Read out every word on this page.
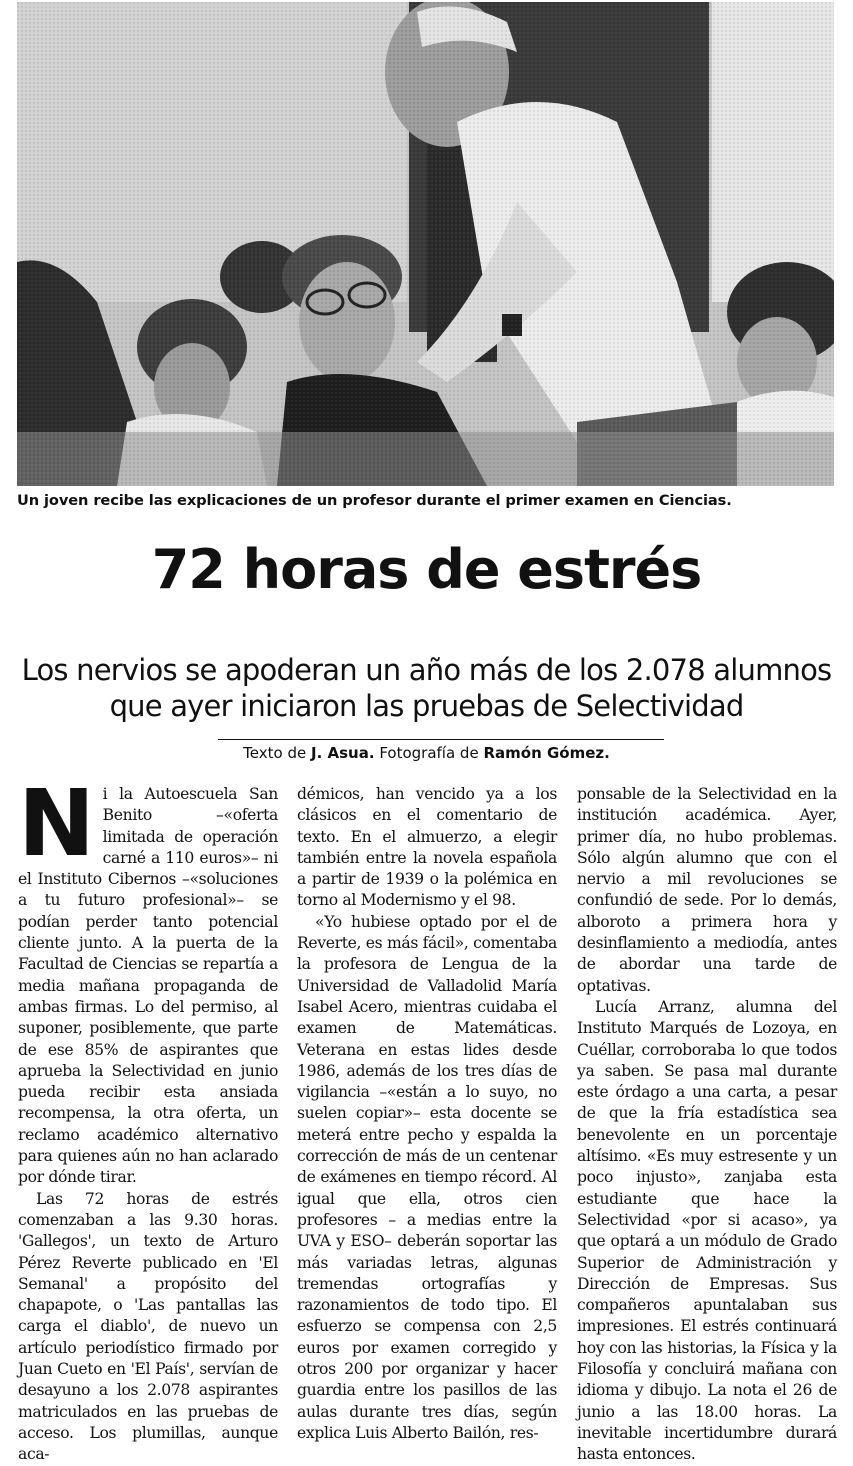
Un joven recibe las explicaciones de un profesor durante el primer examen en Ciencias.
72 horas de estrés
Los nervios se apoderan un año más de los 2.078 alumnos
que ayer iniciaron las pruebas de Selectividad
Texto de J. Asua. Fotografía de Ramón Gómez.

Ni la Autoescuela San Benito –«oferta limitada de operación carné a 110 euros»– ni el Instituto Cibernos –«soluciones a tu futuro profesional»– se podían perder tanto potencial cliente junto. A la puerta de la Facultad de Ciencias se repartía a media mañana propaganda de ambas firmas. Lo del permiso, al suponer, posiblemente, que parte de ese 85% de aspirantes que aprueba la Selectividad en junio pueda recibir esta ansiada recompensa, la otra oferta, un reclamo académico alternativo para quienes aún no han aclarado por dónde tirar.

Las 72 horas de estrés comenzaban a las 9.30 horas. 'Gallegos', un texto de Arturo Pérez Reverte publicado en 'El Semanal' a propósito del chapapote, o 'Las pantallas las carga el diablo', de nuevo un artículo periodístico firmado por Juan Cueto en 'El País', servían de desayuno a los 2.078 aspirantes matriculados en las pruebas de acceso. Los plumillas, aunque aca-

démicos, han vencido ya a los clásicos en el comentario de texto. En el almuerzo, a elegir también entre la novela española a partir de 1939 o la polémica en torno al Modernismo y el 98.

«Yo hubiese optado por el de Reverte, es más fácil», comentaba la profesora de Lengua de la Universidad de Valladolid María Isabel Acero, mientras cuidaba el examen de Matemáticas. Veterana en estas lides desde 1986, además de los tres días de vigilancia –«están a lo suyo, no suelen copiar»– esta docente se meterá entre pecho y espalda la corrección de más de un centenar de exámenes en tiempo récord. Al igual que ella, otros cien profesores – a medias entre la UVA y ESO– deberán soportar las más variadas letras, algunas tremendas ortografías y razonamientos de todo tipo. El esfuerzo se compensa con 2,5 euros por examen corregido y otros 200 por organizar y hacer guardia entre los pasillos de las aulas durante tres días, según explica Luis Alberto Bailón, res-

ponsable de la Selectividad en la institución académica. Ayer, primer día, no hubo problemas. Sólo algún alumno que con el nervio a mil revoluciones se confundió de sede. Por lo demás, alboroto a primera hora y desinflamiento a mediodía, antes de abordar una tarde de optativas.

Lucía Arranz, alumna del Instituto Marqués de Lozoya, en Cuéllar, corroboraba lo que todos ya saben. Se pasa mal durante este órdago a una carta, a pesar de que la fría estadística sea benevolente en un porcentaje altísimo. «Es muy estresente y un poco injusto», zanjaba esta estudiante que hace la Selectividad «por si acaso», ya que optará a un módulo de Grado Superior de Administración y Dirección de Empresas. Sus compañeros apuntalaban sus impresiones. El estrés continuará hoy con las historias, la Física y la Filosofía y concluirá mañana con idioma y dibujo. La nota el 26 de junio a las 18.00 horas. La inevitable incertidumbre durará hasta entonces.
